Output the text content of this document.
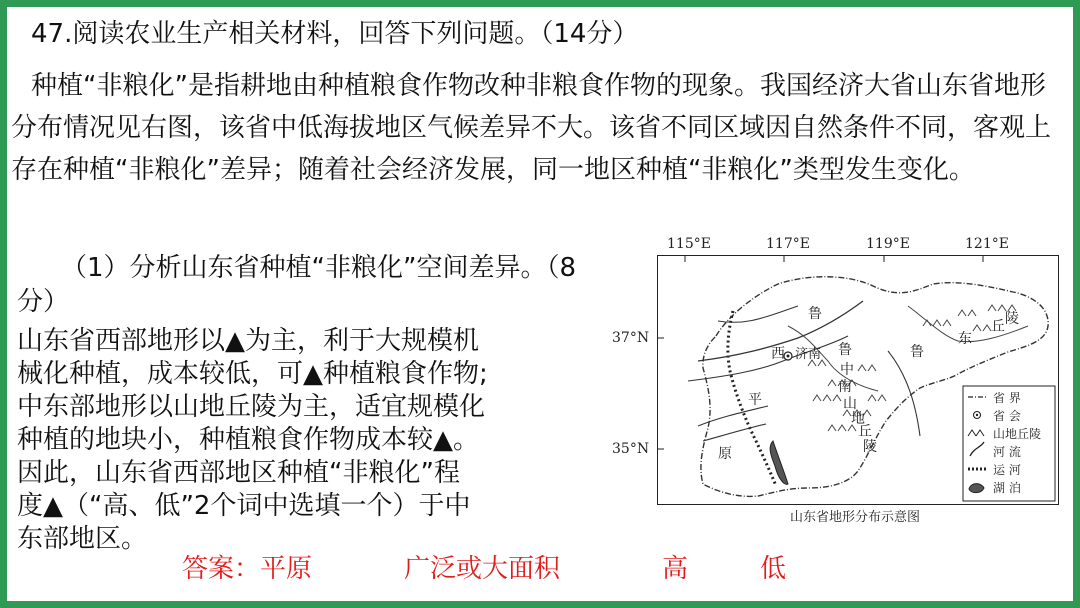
47.阅读农业生产相关材料，回答下列问题。（14分）

种植“非粮化”是指耕地由种植粮食作物改种非粮食作物的现象。我国经济大省山东省地形分布情况见右图，该省中低海拔地区气候差异不大。该省不同区域因自然条件不同，客观上存在种植“非粮化”差异；随着社会经济发展，同一地区种植“非粮化”类型发生变化。

（1）分析山东省种植“非粮化”空间差异。（8分）

山东省西部地形以▲为主，利于大规模机
械化种植，成本较低，可▲种植粮食作物;
中东部地形以山地丘陵为主，适宜规模化
种植的地块小，种植粮食作物成本较▲。
因此，山东省西部地区种植“非粮化”程
度▲（“高、低”2个词中选填一个）于中
东部地区。

答案：平原	广泛或大面积	高	低
115°E	117°E	119°E	121°E
37°N
35°N
西
鲁
济南 鲁
中
南
山
地
丘
陵
平
原
鲁
东
丘 陵
省 界
省 会
山地丘陵
河 流
运 河
湖 泊
山东省地形分布示意图
